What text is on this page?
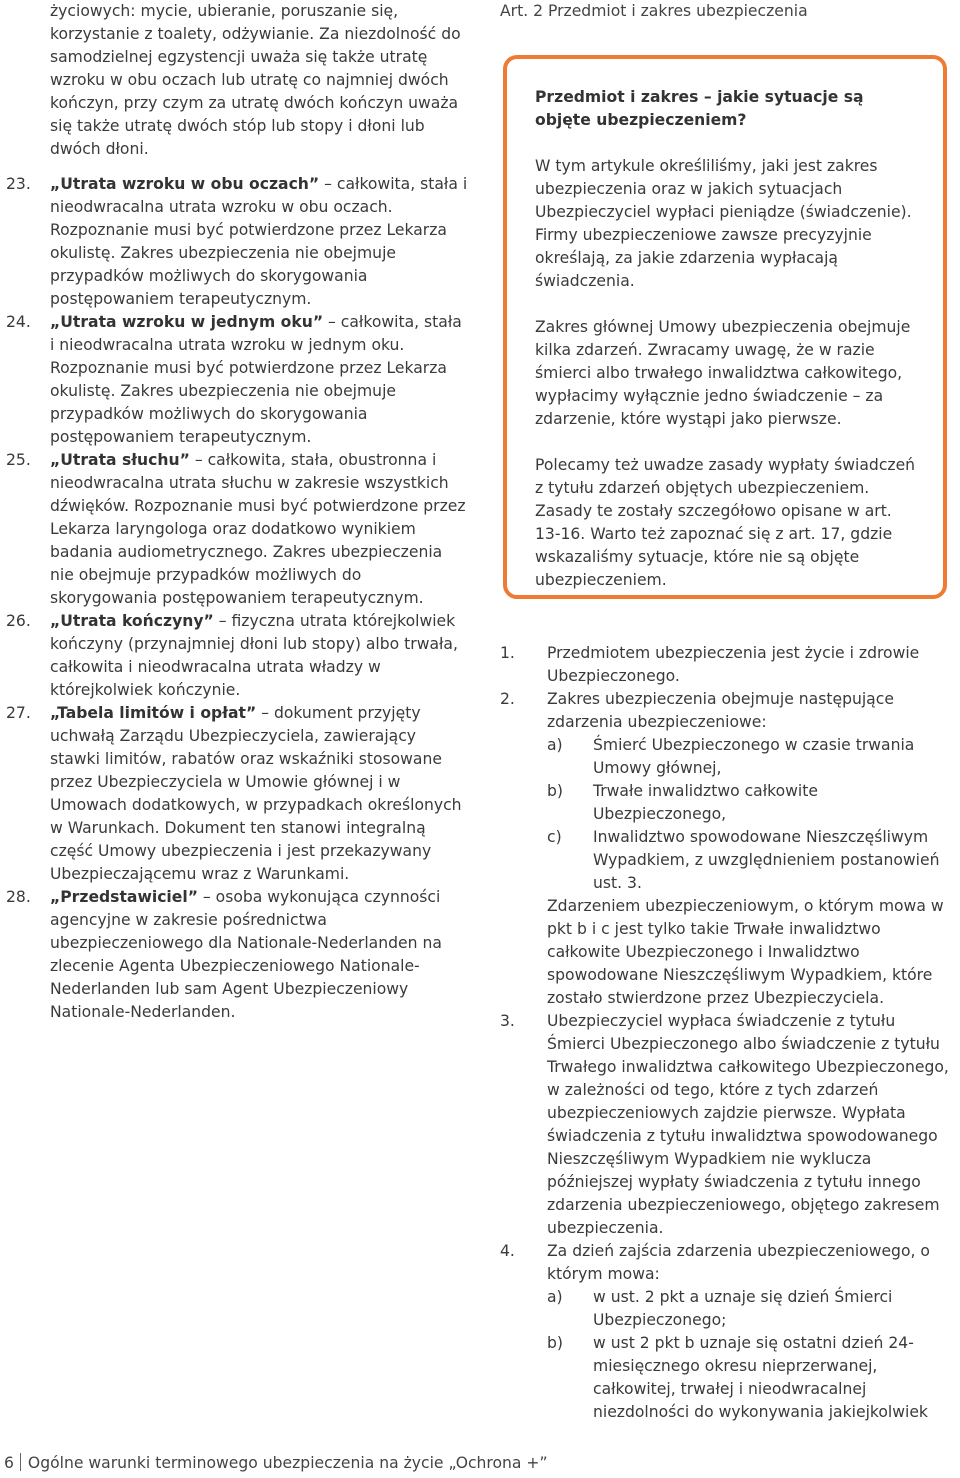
życiowych: mycie, ubieranie, poruszanie się, korzystanie z toalety, odżywianie. Za niezdolność do samodzielnej egzystencji uważa się także utratę wzroku w obu oczach lub utratę co najmniej dwóch kończyn, przy czym za utratę dwóch kończyn uważa się także utratę dwóch stóp lub stopy i dłoni lub dwóch dłoni.

23. „Utrata wzroku w obu oczach” – całkowita, stała i nieodwracalna utrata wzroku w obu oczach. Rozpoznanie musi być potwierdzone przez Lekarza okulistę. Zakres ubezpieczenia nie obejmuje przypadków możliwych do skorygowania postępowaniem terapeutycznym.
24. „Utrata wzroku w jednym oku” – całkowita, stała i nieodwracalna utrata wzroku w jednym oku. Rozpoznanie musi być potwierdzone przez Lekarza okulistę. Zakres ubezpieczenia nie obejmuje przypadków możliwych do skorygowania postępowaniem terapeutycznym.
25. „Utrata słuchu” – całkowita, stała, obustronna i nieodwracalna utrata słuchu w zakresie wszystkich dźwięków. Rozpoznanie musi być potwierdzone przez Lekarza laryngologa oraz dodatkowo wynikiem badania audiometrycznego. Zakres ubezpieczenia nie obejmuje przypadków możliwych do skorygowania postępowaniem terapeutycznym.
26. „Utrata kończyny” – fizyczna utrata którejkolwiek kończyny (przynajmniej dłoni lub stopy) albo trwała, całkowita i nieodwracalna utrata władzy w którejkolwiek kończynie.
27. „Tabela limitów i opłat” – dokument przyjęty uchwałą Zarządu Ubezpieczyciela, zawierający stawki limitów, rabatów oraz wskaźniki stosowane przez Ubezpieczyciela w Umowie głównej i w Umowach dodatkowych, w przypadkach określonych w Warunkach. Dokument ten stanowi integralną część Umowy ubezpieczenia i jest przekazywany Ubezpieczającemu wraz z Warunkami.
28. „Przedstawiciel” – osoba wykonująca czynności agencyjne w zakresie pośrednictwa ubezpieczeniowego dla Nationale-Nederlanden na zlecenie Agenta Ubezpieczeniowego Nationale-Nederlanden lub sam Agent Ubezpieczeniowy Nationale-Nederlanden.
Art. 2 Przedmiot i zakres ubezpieczenia

Przedmiot i zakres – jakie sytuacje są objęte ubezpieczeniem?

W tym artykule określiliśmy, jaki jest zakres ubezpieczenia oraz w jakich sytuacjach Ubezpieczyciel wypłaci pieniądze (świadczenie). Firmy ubezpieczeniowe zawsze precyzyjnie określają, za jakie zdarzenia wypłacają świadczenia.

Zakres głównej Umowy ubezpieczenia obejmuje kilka zdarzeń. Zwracamy uwagę, że w razie śmierci albo trwałego inwalidztwa całkowitego, wypłacimy wyłącznie jedno świadczenie – za zdarzenie, które wystąpi jako pierwsze.

Polecamy też uwadze zasady wypłaty świadczeń z tytułu zdarzeń objętych ubezpieczeniem. Zasady te zostały szczegółowo opisane w art. 13-16. Warto też zapoznać się z art. 17, gdzie wskazaliśmy sytuacje, które nie są objęte ubezpieczeniem.

1. Przedmiotem ubezpieczenia jest życie i zdrowie Ubezpieczonego.
2. Zakres ubezpieczenia obejmuje następujące zdarzenia ubezpieczeniowe:
a) Śmierć Ubezpieczonego w czasie trwania Umowy głównej,
b) Trwałe inwalidztwo całkowite Ubezpieczonego,
c) Inwalidztwo spowodowane Nieszczęśliwym Wypadkiem, z uwzględnieniem postanowień ust. 3.

Zdarzeniem ubezpieczeniowym, o którym mowa w pkt b i c jest tylko takie Trwałe inwalidztwo całkowite Ubezpieczonego i Inwalidztwo spowodowane Nieszczęśliwym Wypadkiem, które zostało stwierdzone przez Ubezpieczyciela.

3. Ubezpieczyciel wypłaca świadczenie z tytułu Śmierci Ubezpieczonego albo świadczenie z tytułu Trwałego inwalidztwa całkowitego Ubezpieczonego, w zależności od tego, które z tych zdarzeń ubezpieczeniowych zajdzie pierwsze. Wypłata świadczenia z tytułu inwalidztwa spowodowanego Nieszczęśliwym Wypadkiem nie wyklucza późniejszej wypłaty świadczenia z tytułu innego zdarzenia ubezpieczeniowego, objętego zakresem ubezpieczenia.
4. Za dzień zajścia zdarzenia ubezpieczeniowego, o którym mowa:
a) w ust. 2 pkt a uznaje się dzień Śmierci Ubezpieczonego;
b) w ust 2 pkt b uznaje się ostatni dzień 24-miesięcznego okresu nieprzerwanej, całkowitej, trwałej i nieodwracalnej niezdolności do wykonywania jakiejkolwiek
6 Ogólne warunki terminowego ubezpieczenia na życie „Ochrona +”
